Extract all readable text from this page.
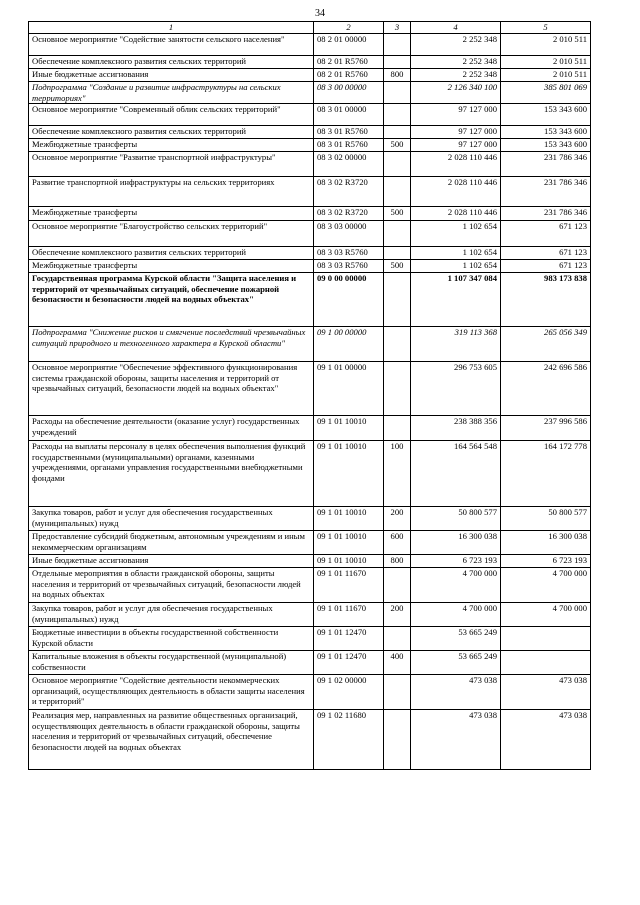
34
1	2	3	4	5
Основное мероприятие "Содействие занятости сельского населения"	08 2 01 00000		2 252 348	2 010 511
Обеспечение комплексного развития сельских территорий	08 2 01 R5760		2 252 348	2 010 511
Иные бюджетные ассигнования	08 2 01 R5760	800	2 252 348	2 010 511
Подпрограмма "Создание и развитие инфраструктуры на сельских территориях"	08 3 00 00000		2 126 340 100	385 801 069
Основное мероприятие "Современный облик сельских территорий"	08 3 01 00000		97 127 000	153 343 600
Обеспечение комплексного развития сельских территорий	08 3 01 R5760		97 127 000	153 343 600
Межбюджетные трансферты	08 3 01 R5760	500	97 127 000	153 343 600
Основное мероприятие "Развитие транспортной инфраструктуры"	08 3 02 00000		2 028 110 446	231 786 346
Развитие транспортной инфраструктуры на сельских территориях	08 3 02 R3720		2 028 110 446	231 786 346
Межбюджетные трансферты	08 3 02 R3720	500	2 028 110 446	231 786 346
Основное мероприятие "Благоустройство сельских территорий"	08 3 03 00000		1 102 654	671 123
Обеспечение комплексного развития сельских территорий	08 3 03 R5760		1 102 654	671 123
Межбюджетные трансферты	08 3 03 R5760	500	1 102 654	671 123
Государственная программа Курской области "Защита населения и территорий от чрезвычайных ситуаций, обеспечение пожарной безопасности и безопасности людей на водных объектах"	09 0 00 00000		1 107 347 084	983 173 838
Подпрограмма "Снижение рисков и смягчение последствий чрезвычайных ситуаций природного и техногенного характера в Курской области"	09 1 00 00000		319 113 368	265 056 349
Основное мероприятие "Обеспечение эффективного функционирования системы гражданской обороны, защиты населения и территорий от чрезвычайных ситуаций, безопасности людей на водных объектах"	09 1 01 00000		296 753 605	242 696 586
Расходы на обеспечение деятельности (оказание услуг) государственных учреждений	09 1 01 10010		238 388 356	237 996 586
Расходы на выплаты персоналу в целях обеспечения выполнения функций государственными (муниципальными) органами, казенными учреждениями, органами управления государственными внебюджетными фондами	09 1 01 10010	100	164 564 548	164 172 778
Закупка товаров, работ и услуг для обеспечения государственных (муниципальных) нужд	09 1 01 10010	200	50 800 577	50 800 577
Предоставление субсидий бюджетным, автономным учреждениям и иным некоммерческим организациям	09 1 01 10010	600	16 300 038	16 300 038
Иные бюджетные ассигнования	09 1 01 10010	800	6 723 193	6 723 193
Отдельные мероприятия в области гражданской обороны, защиты населения и территорий от чрезвычайных ситуаций, безопасности людей на водных объектах	09 1 01 11670		4 700 000	4 700 000
Закупка товаров, работ и услуг для обеспечения государственных (муниципальных) нужд	09 1 01 11670	200	4 700 000	4 700 000
Бюджетные инвестиции в объекты государственной собственности Курской области	09 1 01 12470		53 665 249	
Капитальные вложения в объекты государственной (муниципальной) собственности	09 1 01 12470	400	53 665 249	
Основное мероприятие "Содействие деятельности некоммерческих организаций, осуществляющих деятельность в области защиты населения и территорий"	09 1 02 00000		473 038	473 038
Реализация мер, направленных на развитие общественных организаций, осуществляющих деятельность в области гражданской обороны, защиты населения и территорий от чрезвычайных ситуаций, обеспечение безопасности людей на водных объектах	09 1 02 11680		473 038	473 038
